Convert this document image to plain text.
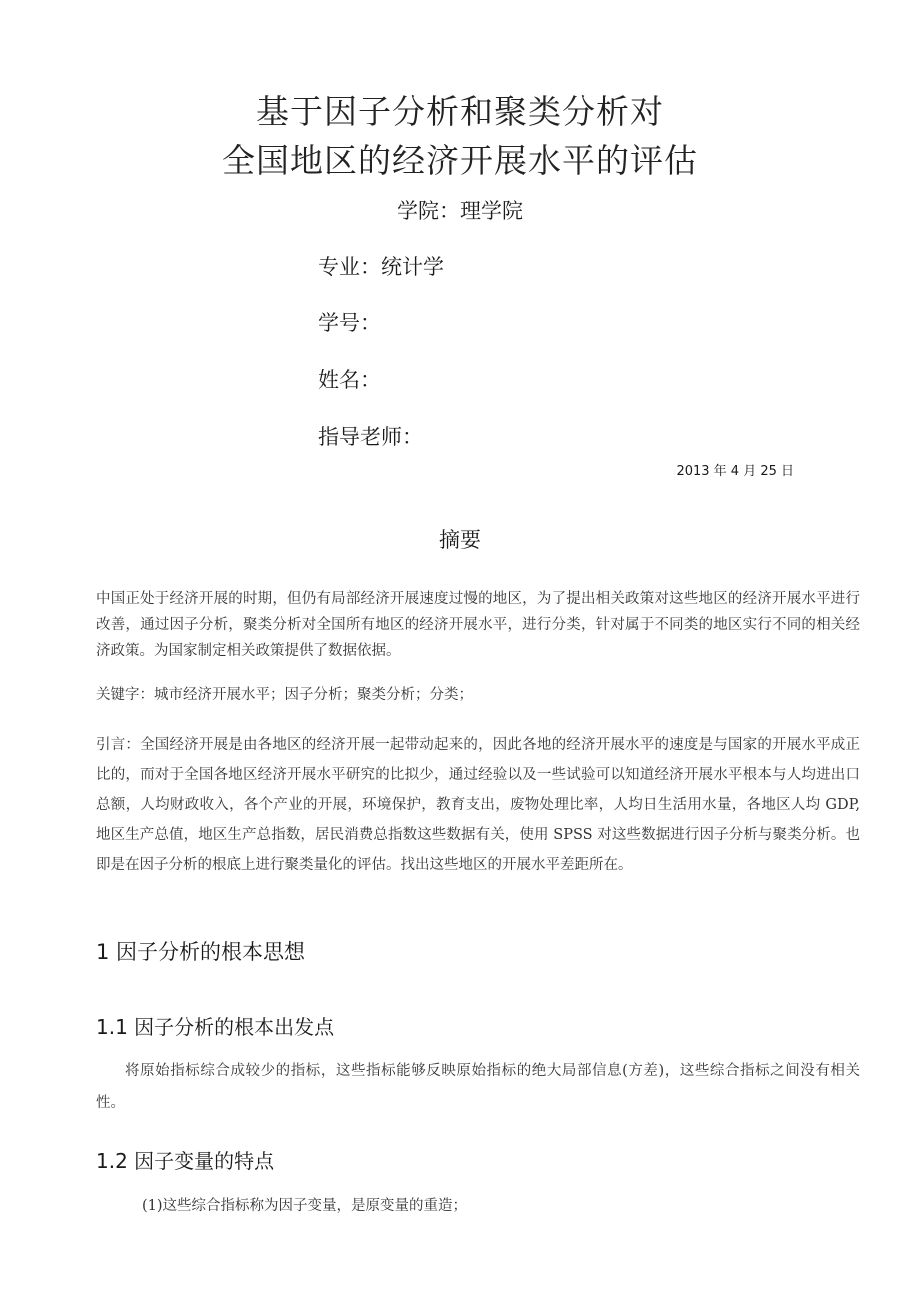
基于因子分析和聚类分析对
全国地区的经济开展水平的评估
学院：理学院
专业：统计学
学号：
姓名：
指导老师：
2013 年 4 月 25 日
摘要

中国正处于经济开展的时期，但仍有局部经济开展速度过慢的地区，为了提出相关政策对这些地区的经济开展水平进行改善，通过因子分析，聚类分析对全国所有地区的经济开展水平，进行分类，针对属于不同类的地区实行不同的相关经济政策。为国家制定相关政策提供了数据依据。

关键字：城市经济开展水平；因子分析；聚类分析；分类；

引言：全国经济开展是由各地区的经济开展一起带动起来的，因此各地的经济开展水平的速度是与国家的开展水平成正比的，而对于全国各地区经济开展水平研究的比拟少，通过经验以及一些试验可以知道经济开展水平根本与人均进出口总额，人均财政收入，各个产业的开展，环境保护，教育支出，废物处理比率，人均日生活用水量，各地区人均 GDP,地区生产总值，地区生产总指数，居民消费总指数这些数据有关，使用 SPSS 对这些数据进行因子分析与聚类分析。也即是在因子分析的根底上进行聚类量化的评估。找出这些地区的开展水平差距所在。

1 因子分析的根本思想
1.1 因子分析的根本出发点

将原始指标综合成较少的指标，这些指标能够反映原始指标的绝大局部信息(方差)，这些综合指标之间没有相关性。

1.2 因子变量的特点

(1)这些综合指标称为因子变量，是原变量的重造；
